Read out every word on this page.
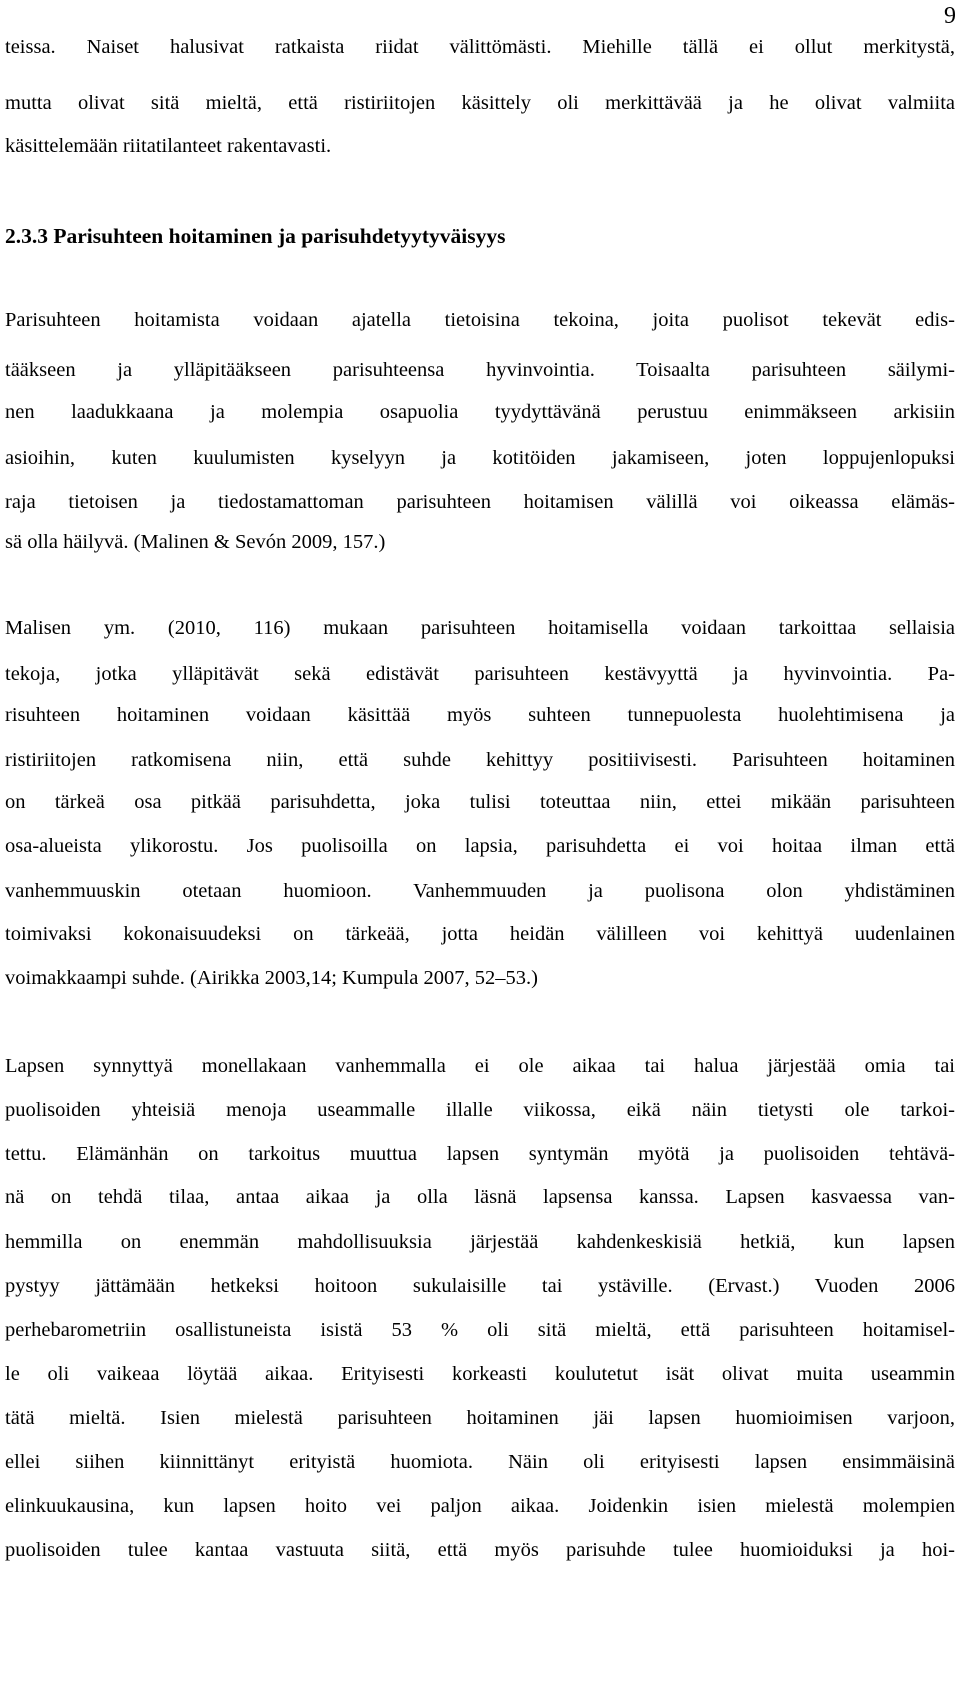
9
teissa. Naiset halusivat ratkaista riidat välittömästi. Miehille tällä ei ollut merkitystä,
mutta olivat sitä mieltä, että ristiriitojen käsittely oli merkittävää ja he olivat valmiita
käsittelemään riitatilanteet rakentavasti.
2.3.3 Parisuhteen hoitaminen ja parisuhdetyytyväisyys
Parisuhteen hoitamista voidaan ajatella tietoisina tekoina, joita puolisot tekevät edis-
tääkseen ja ylläpitääkseen parisuhteensa hyvinvointia. Toisaalta parisuhteen säilymi-
nen laadukkaana ja molempia osapuolia tyydyttävänä perustuu enimmäkseen arkisiin
asioihin, kuten kuulumisten kyselyyn ja kotitöiden jakamiseen, joten loppujenlopuksi
raja tietoisen ja tiedostamattoman parisuhteen hoitamisen välillä voi oikeassa elämäs-
sä olla häilyvä. (Malinen & Sevón 2009, 157.)
Malisen ym. (2010, 116) mukaan parisuhteen hoitamisella voidaan tarkoittaa sellaisia
tekoja, jotka ylläpitävät sekä edistävät parisuhteen kestävyyttä ja hyvinvointia. Pa-
risuhteen hoitaminen voidaan käsittää myös suhteen tunnepuolesta huolehtimisena ja
ristiriitojen ratkomisena niin, että suhde kehittyy positiivisesti. Parisuhteen hoitaminen
on tärkeä osa pitkää parisuhdetta, joka tulisi toteuttaa niin, ettei mikään parisuhteen
osa-alueista ylikorostu. Jos puolisoilla on lapsia, parisuhdetta ei voi hoitaa ilman että
vanhemmuuskin otetaan huomioon. Vanhemmuuden ja puolisona olon yhdistäminen
toimivaksi kokonaisuudeksi on tärkeää, jotta heidän välilleen voi kehittyä uudenlainen
voimakkaampi suhde. (Airikka 2003,14; Kumpula 2007, 52–53.)
Lapsen synnyttyä monellakaan vanhemmalla ei ole aikaa tai halua järjestää omia tai
puolisoiden yhteisiä menoja useammalle illalle viikossa, eikä näin tietysti ole tarkoi-
tettu. Elämänhän on tarkoitus muuttua lapsen syntymän myötä ja puolisoiden tehtävä-
nä on tehdä tilaa, antaa aikaa ja olla läsnä lapsensa kanssa. Lapsen kasvaessa van-
hemmilla on enemmän mahdollisuuksia järjestää kahdenkeskisiä hetkiä, kun lapsen
pystyy jättämään hetkeksi hoitoon sukulaisille tai ystäville. (Ervast.) Vuoden 2006
perhebarometriin osallistuneista isistä 53 % oli sitä mieltä, että parisuhteen hoitamisel-
le oli vaikeaa löytää aikaa. Erityisesti korkeasti koulutetut isät olivat muita useammin
tätä mieltä. Isien mielestä parisuhteen hoitaminen jäi lapsen huomioimisen varjoon,
ellei siihen kiinnittänyt erityistä huomiota. Näin oli erityisesti lapsen ensimmäisinä
elinkuukausina, kun lapsen hoito vei paljon aikaa. Joidenkin isien mielestä molempien
puolisoiden tulee kantaa vastuuta siitä, että myös parisuhde tulee huomioiduksi ja hoi-
